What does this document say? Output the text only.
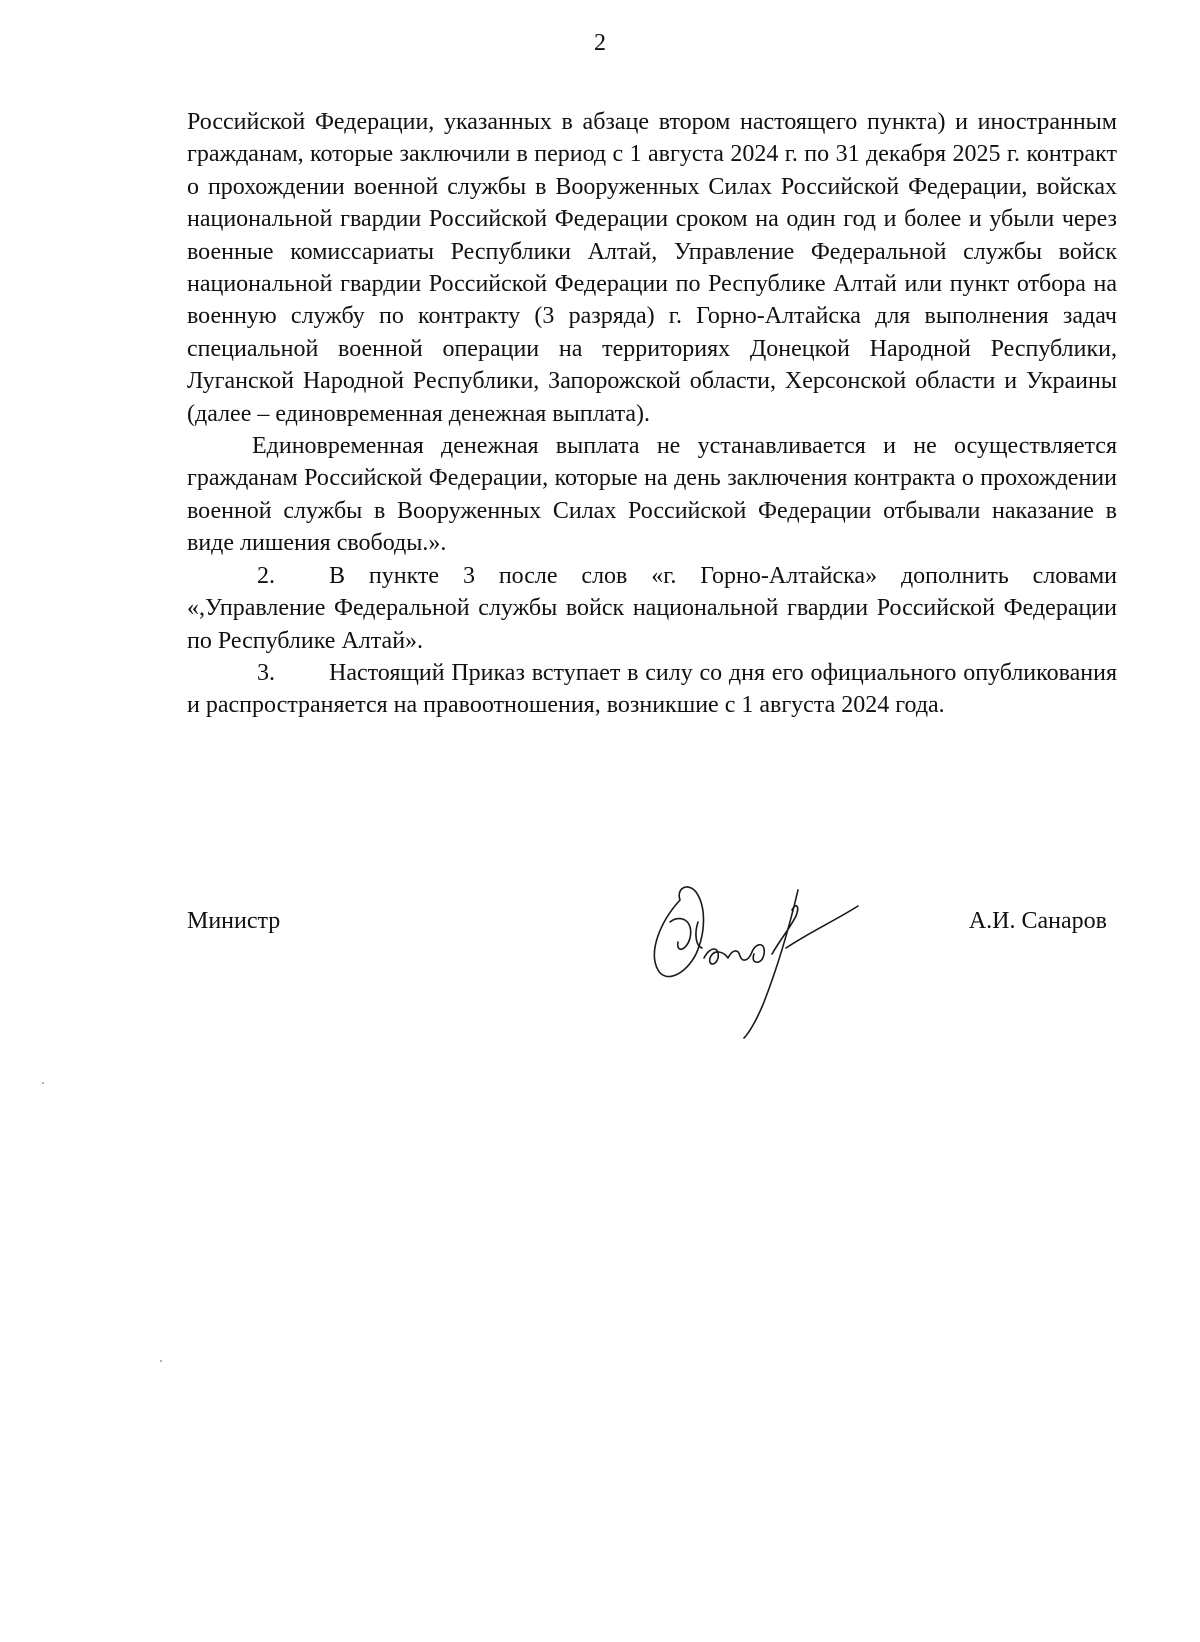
2

Российской Федерации, указанных в абзаце втором настоящего пункта) и иностранным гражданам, которые заключили в период с 1 августа 2024 г. по 31 декабря 2025 г. контракт о прохождении военной службы в Вооруженных Силах Российской Федерации, войсках национальной гвардии Российской Федерации сроком на один год и более и убыли через военные комиссариаты Республики Алтай, Управление Федеральной службы войск национальной гвардии Российской Федерации по Республике Алтай или пункт отбора на военную службу по контракту (3 разряда) г. Горно-Алтайска для выполнения задач специальной военной операции на территориях Донецкой Народной Республики, Луганской Народной Республики, Запорожской области, Херсонской области и Украины (далее – единовременная денежная выплата).

Единовременная денежная выплата не устанавливается и не осуществляется гражданам Российской Федерации, которые на день заключения контракта о прохождении военной службы в Вооруженных Силах Российской Федерации отбывали наказание в виде лишения свободы.».

2. В пункте 3 после слов «г. Горно-Алтайска» дополнить словами «,Управление Федеральной службы войск национальной гвардии Российской Федерации по Республике Алтай».

3. Настоящий Приказ вступает в силу со дня его официального опубликования и распространяется на правоотношения, возникшие с 1 августа 2024 года.

Министр	А.И. Санаров
